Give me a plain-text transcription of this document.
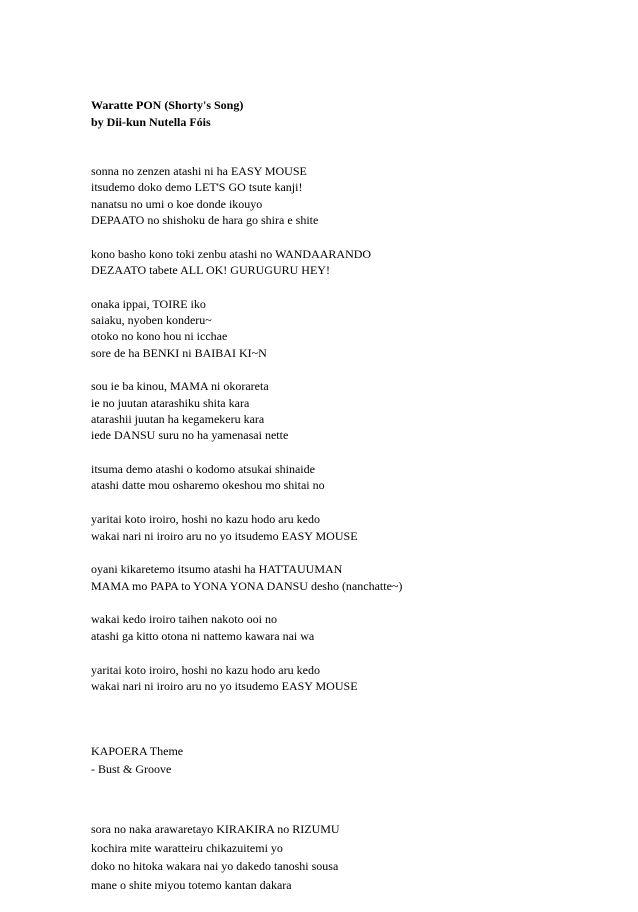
Waratte PON (Shorty's Song)
by Dii-kun Nutella Fóis
sonna no zenzen atashi ni ha EASY MOUSE
itsudemo doko demo LET'S GO tsute kanji!
nanatsu no umi o koe donde ikouyo
DEPAATO no shishoku de hara go shira e shite
kono basho kono toki zenbu atashi no WANDAARANDO
DEZAATO tabete ALL OK! GURUGURU HEY!
onaka ippai, TOIRE iko
saiaku, nyoben konderu~
otoko no kono hou ni icchae
sore de ha BENKI ni BAIBAI KI~N
sou ie ba kinou, MAMA ni okorareta
ie no juutan atarashiku shita kara
atarashii juutan ha kegamekeru kara
iede DANSU suru no ha yamenasai nette
itsuma demo atashi o kodomo atsukai shinaide
atashi datte mou osharemo okeshou mo shitai no
yaritai koto iroiro, hoshi no kazu hodo aru kedo
wakai nari ni iroiro aru no yo itsudemo EASY MOUSE
oyani kikaretemo itsumo atashi ha HATTAUUMAN
MAMA mo PAPA to YONA YONA DANSU desho (nanchatte~)
wakai kedo iroiro taihen nakoto ooi no
atashi ga kitto otona ni nattemo kawara nai wa
yaritai koto iroiro, hoshi no kazu hodo aru kedo
wakai nari ni iroiro aru no yo itsudemo EASY MOUSE
KAPOERA Theme
- Bust & Groove
sora no naka arawaretayo KIRAKIRA no RIZUMU
kochira mite waratteiru chikazuitemi yo
doko no hitoka wakara nai yo dakedo tanoshi sousa
mane o shite miyou totemo kantan dakara
